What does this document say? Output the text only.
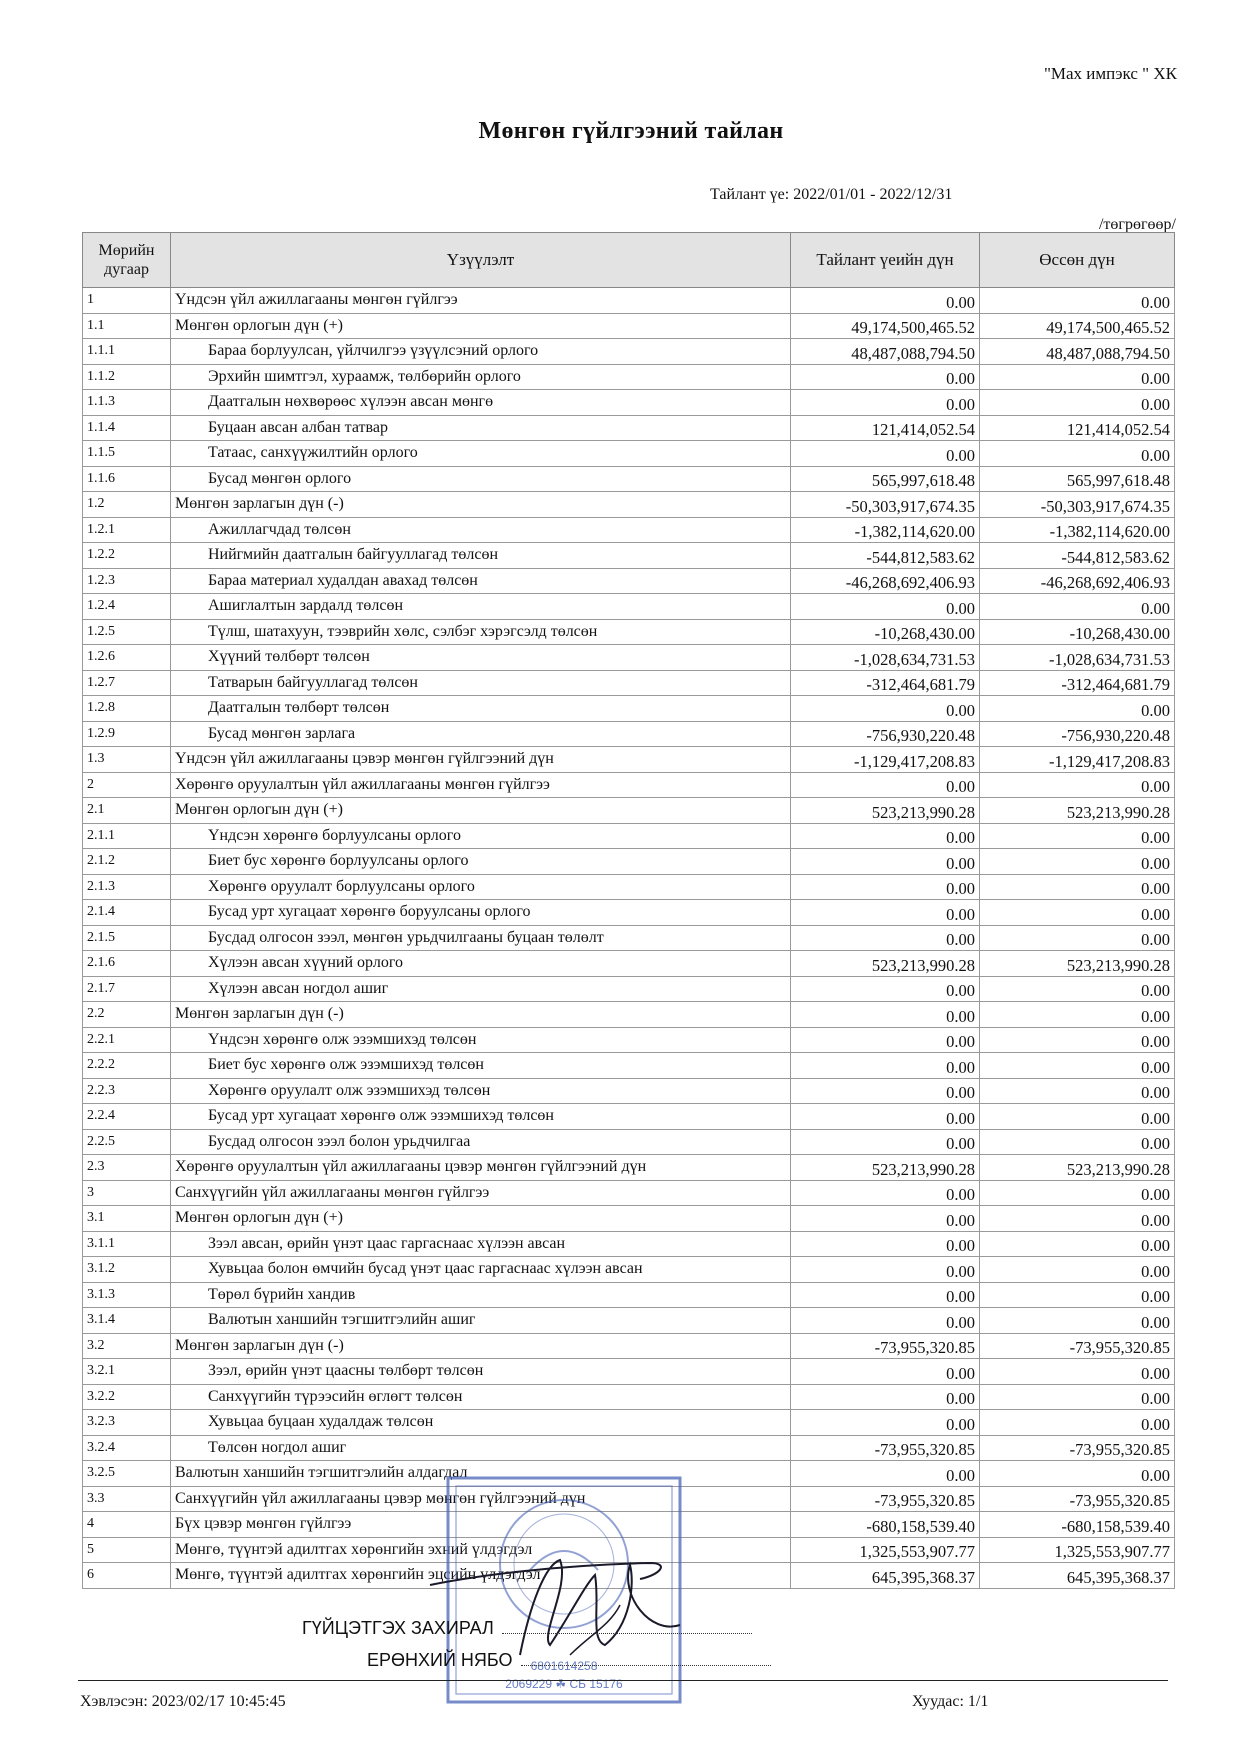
"Мах импэкс " ХК
Мөнгөн гүйлгээний тайлан
Тайлант үе: 2022/01/01 - 2022/12/31
/төгрөгөөр/
Мөрийн дугаар	Үзүүлэлт	Тайлант үеийн дүн	Өссөн дүн
1	Үндсэн үйл ажиллагааны мөнгөн гүйлгээ	0.00	0.00
1.1	Мөнгөн орлогын дүн (+)	49,174,500,465.52	49,174,500,465.52
1.1.1	Бараа борлуулсан, үйлчилгээ үзүүлсэний орлого	48,487,088,794.50	48,487,088,794.50
1.1.2	Эрхийн шимтгэл, хураамж, төлбөрийн орлого	0.00	0.00
1.1.3	Даатгалын нөхвөрөөс хүлээн авсан мөнгө	0.00	0.00
1.1.4	Буцаан авсан албан татвар	121,414,052.54	121,414,052.54
1.1.5	Татаас, санхүүжилтийн орлого	0.00	0.00
1.1.6	Бусад мөнгөн орлого	565,997,618.48	565,997,618.48
1.2	Мөнгөн зарлагын дүн (-)	-50,303,917,674.35	-50,303,917,674.35
1.2.1	Ажиллагчдад төлсөн	-1,382,114,620.00	-1,382,114,620.00
1.2.2	Нийгмийн даатгалын байгууллагад төлсөн	-544,812,583.62	-544,812,583.62
1.2.3	Бараа материал худалдан авахад төлсөн	-46,268,692,406.93	-46,268,692,406.93
1.2.4	Ашиглалтын зардалд төлсөн	0.00	0.00
1.2.5	Түлш, шатахуун, тээврийн хөлс, сэлбэг хэрэгсэлд төлсөн	-10,268,430.00	-10,268,430.00
1.2.6	Хүүний төлбөрт төлсөн	-1,028,634,731.53	-1,028,634,731.53
1.2.7	Татварын байгууллагад төлсөн	-312,464,681.79	-312,464,681.79
1.2.8	Даатгалын төлбөрт төлсөн	0.00	0.00
1.2.9	Бусад мөнгөн зарлага	-756,930,220.48	-756,930,220.48
1.3	Үндсэн үйл ажиллагааны цэвэр мөнгөн гүйлгээний дүн	-1,129,417,208.83	-1,129,417,208.83
2	Хөрөнгө оруулалтын үйл ажиллагааны мөнгөн гүйлгээ	0.00	0.00
2.1	Мөнгөн орлогын дүн (+)	523,213,990.28	523,213,990.28
2.1.1	Үндсэн хөрөнгө борлуулсаны орлого	0.00	0.00
2.1.2	Биет бус хөрөнгө борлуулсаны орлого	0.00	0.00
2.1.3	Хөрөнгө оруулалт борлуулсаны орлого	0.00	0.00
2.1.4	Бусад урт хугацаат хөрөнгө боруулсаны орлого	0.00	0.00
2.1.5	Бусдад олгосон зээл, мөнгөн урьдчилгааны буцаан төлөлт	0.00	0.00
2.1.6	Хүлээн авсан хүүний орлого	523,213,990.28	523,213,990.28
2.1.7	Хүлээн авсан ногдол ашиг	0.00	0.00
2.2	Мөнгөн зарлагын дүн (-)	0.00	0.00
2.2.1	Үндсэн хөрөнгө олж эзэмшихэд төлсөн	0.00	0.00
2.2.2	Биет бус хөрөнгө олж эзэмшихэд төлсөн	0.00	0.00
2.2.3	Хөрөнгө оруулалт олж эзэмшихэд төлсөн	0.00	0.00
2.2.4	Бусад урт хугацаат хөрөнгө олж эзэмшихэд төлсөн	0.00	0.00
2.2.5	Бусдад олгосон зээл болон урьдчилгаа	0.00	0.00
2.3	Хөрөнгө оруулалтын үйл ажиллагааны цэвэр мөнгөн гүйлгээний дүн	523,213,990.28	523,213,990.28
3	Санхүүгийн үйл ажиллагааны мөнгөн гүйлгээ	0.00	0.00
3.1	Мөнгөн орлогын дүн (+)	0.00	0.00
3.1.1	Зээл авсан, өрийн үнэт цаас гаргаснаас хүлээн авсан	0.00	0.00
3.1.2	Хувьцаа болон өмчийн бусад үнэт цаас гаргаснаас хүлээн авсан	0.00	0.00
3.1.3	Төрөл бүрийн хандив	0.00	0.00
3.1.4	Валютын ханшийн тэгшитгэлийн ашиг	0.00	0.00
3.2	Мөнгөн зарлагын дүн (-)	-73,955,320.85	-73,955,320.85
3.2.1	Зээл, өрийн үнэт цаасны төлбөрт төлсөн	0.00	0.00
3.2.2	Санхүүгийн түрээсийн өглөгт төлсөн	0.00	0.00
3.2.3	Хувьцаа буцаан худалдаж төлсөн	0.00	0.00
3.2.4	Төлсөн ногдол ашиг	-73,955,320.85	-73,955,320.85
3.2.5	Валютын ханшийн тэгшитгэлийн алдагдал	0.00	0.00
3.3	Санхүүгийн үйл ажиллагааны цэвэр мөнгөн гүйлгээний дүн	-73,955,320.85	-73,955,320.85
4	Бүх цэвэр мөнгөн гүйлгээ	-680,158,539.40	-680,158,539.40
5	Мөнгө, түүнтэй адилтгах хөрөнгийн эхний үлдэгдэл	1,325,553,907.77	1,325,553,907.77
6	Мөнгө, түүнтэй адилтгах хөрөнгийн эцсийн үлдэгдэл	645,395,368.37	645,395,368.37
6801614258
2069229 ☘ СБ 15176
ГҮЙЦЭТГЭХ ЗАХИРАЛ
ЕРӨНХИЙ НЯБО
Хэвлэсэн: 2023/02/17 10:45:45	Хуудас: 1/1
